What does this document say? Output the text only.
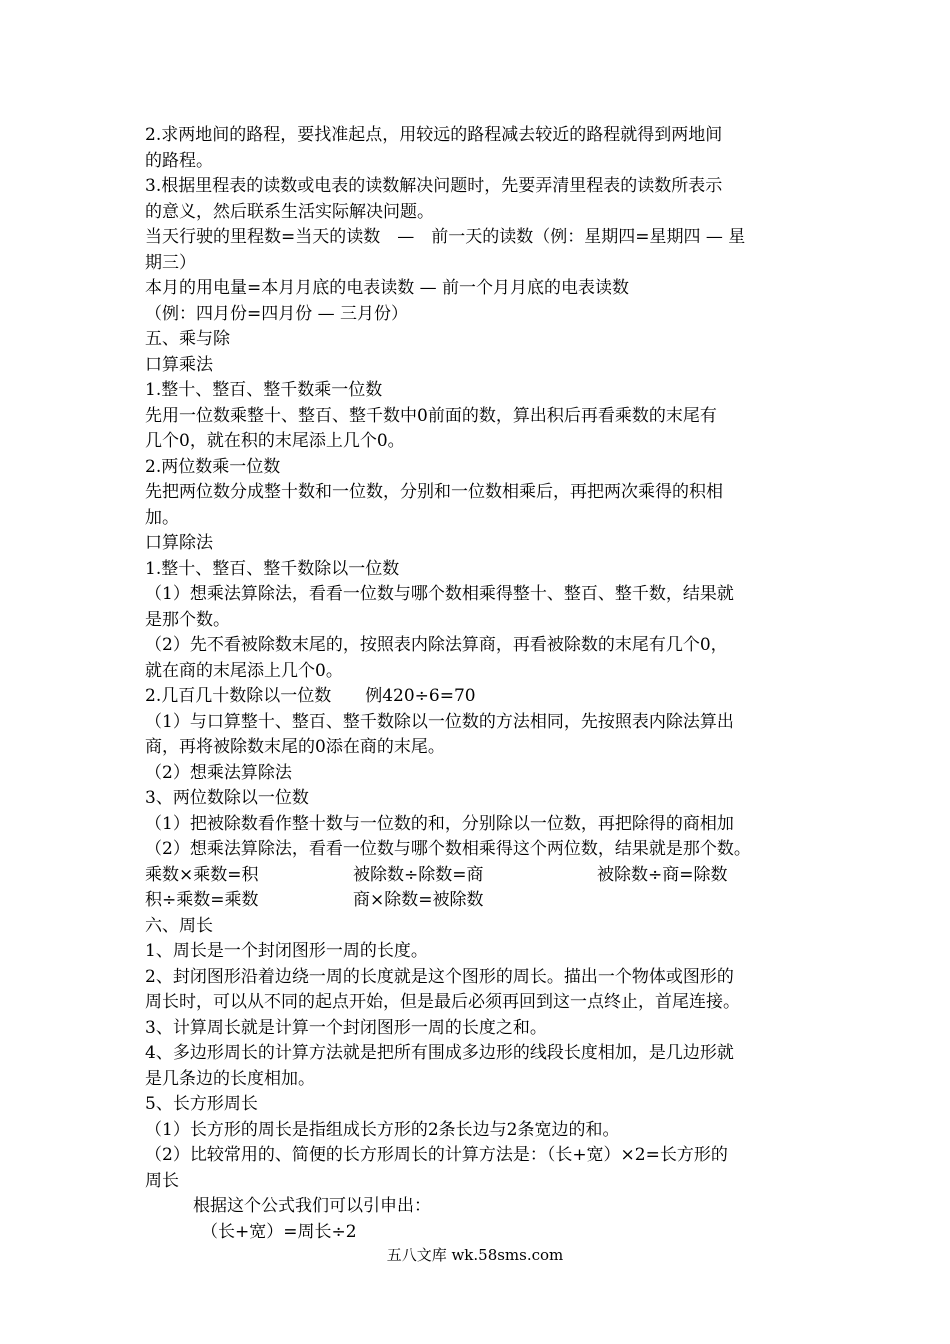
2.求两地间的路程，要找准起点，用较远的路程减去较近的路程就得到两地间
的路程。
3.根据里程表的读数或电表的读数解决问题时，先要弄清里程表的读数所表示
的意义，然后联系生活实际解决问题。
当天行驶的里程数=当天的读数　—　前一天的读数（例：星期四=星期四 — 星
期三）
本月的用电量=本月月底的电表读数 — 前一个月月底的电表读数
（例：四月份=四月份 — 三月份）
五、乘与除
口算乘法
1.整十、整百、整千数乘一位数
先用一位数乘整十、整百、整千数中0前面的数，算出积后再看乘数的末尾有
几个0，就在积的末尾添上几个0。
2.两位数乘一位数
先把两位数分成整十数和一位数，分别和一位数相乘后，再把两次乘得的积相
加。
口算除法
1.整十、整百、整千数除以一位数
（1）想乘法算除法，看看一位数与哪个数相乘得整十、整百、整千数，结果就
是那个数。
（2）先不看被除数末尾的，按照表内除法算商，再看被除数的末尾有几个0，
就在商的末尾添上几个0。
2.几百几十数除以一位数　　例420÷6=70
（1）与口算整十、整百、整千数除以一位数的方法相同，先按照表内除法算出
商，再将被除数末尾的0添在商的末尾。
（2）想乘法算除法
3、两位数除以一位数
（1）把被除数看作整十数与一位数的和，分别除以一位数，再把除得的商相加
（2）想乘法算除法，看看一位数与哪个数相乘得这个两位数，结果就是那个数。
乘数×乘数=积	被除数÷除数=商	被除数÷商=除数
积÷乘数=乘数	商×除数=被除数
六、周长
1、周长是一个封闭图形一周的长度。
2、封闭图形沿着边绕一周的长度就是这个图形的周长。描出一个物体或图形的
周长时，可以从不同的起点开始，但是最后必须再回到这一点终止，首尾连接。
3、计算周长就是计算一个封闭图形一周的长度之和。
4、多边形周长的计算方法就是把所有围成多边形的线段长度相加，是几边形就
是几条边的长度相加。
5、长方形周长
（1）长方形的周长是指组成长方形的2条长边与2条宽边的和。
（2）比较常用的、简便的长方形周长的计算方法是：（长+宽）×2=长方形的
周长
根据这个公式我们可以引申出：
（长+宽）=周长÷2
五八文库 wk.58sms.com
